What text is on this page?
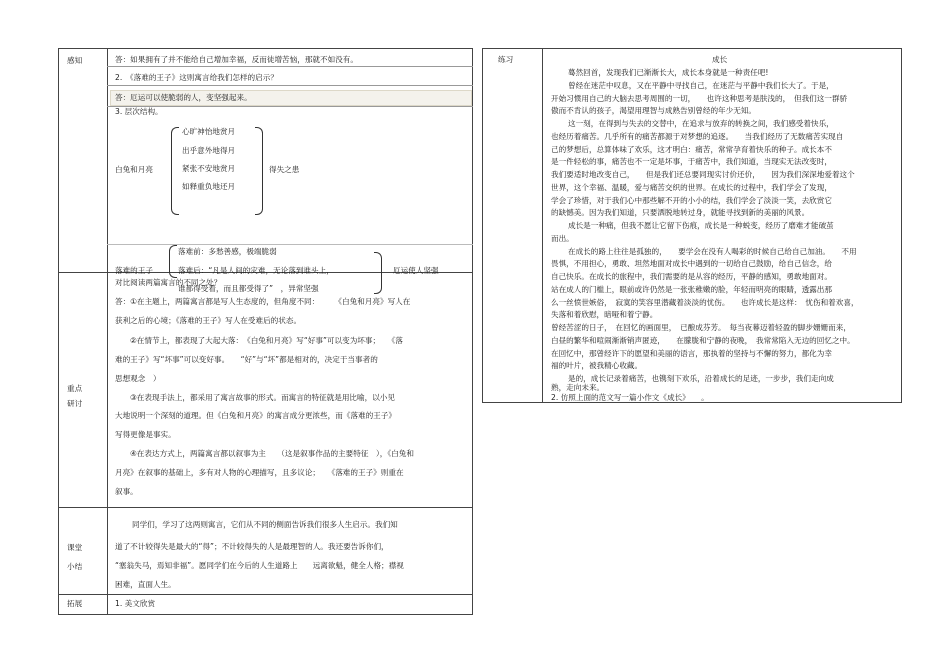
感知
重点
研讨
课堂
小结
拓展
答：如果拥有了并不能给自己增加幸福，反而徒增苦恼，那就不如没有。
2.　《落难的王子》这则寓言给我们怎样的启示？
答：厄运可以使脆弱的人，变坚强起来。
3. 层次结构。
白兔和月亮
心旷神怡地赏月
出乎意外地得月
紧张不安地赏月
如释重负地还月
得失之患
落难的王子
落难前：多愁善感，极端脆弱
落难后：“凡是人间的灾难，无论落到谁头上，
谁都得受着，而且都受得了”　，异常坚强
厄运使人坚强
对比阅读两篇寓言的不同之处？
答：①在主题上，两篇寓言都是写人生态度的，但角度不同：　　　《白兔和月亮》写人在
获利之后的心境；《落难的王子》写人在受难后的状态。
②在情节上，都表现了大起大落：　《白兔和月亮》写“好事”可以变为坏事；　　《落
难的王子》写“坏事”可以变好事。　　“好”与“坏”都是相对的，决定于当事者的
思想观念　）
③在表现手法上，都采用了寓言故事的形式。而寓言的特征就是用比喻，以小见
大地说明一个深刻的道理。但《白兔和月亮》的寓言成分更浓些，而《落难的王子》
写得更像是事实。
④在表达方式上，两篇寓言都以叙事为主　　（这是叙事作品的主要特征　），《白兔和
月亮》在叙事的基础上，多有对人物的心理描写，且多议论；　　《落难的王子》则重在
叙事。
同学们，学习了这两则寓言，它们从不同的侧面告诉我们很多人生启示。我们知
道了不计较得失是最大的“得”；不计较得失的人是最理智的人。我还要告诉你们，
“塞翁失马，焉知非福”。愿同学们在今后的人生道路上　　远离欲魁，健全人格；襟视
困难，直面人生。
1. 美文欣赏
练习	成长
蓦然回首，发现我们已渐渐长大，成长本身就是一种责任吧!
曾经在迷茫中叹息，又在平静中寻找自己，在迷茫与平静中我们长大了。于是，
开始习惯用自己的大脑去思考周围的一切，　　也许这种思考是肤浅的，　但我们这一群骄
傲而不肯认的孩子，渴望用理智与成熟告别曾经的年少无知。
这一刻，在得到与失去的交替中，在追求与放弃的转换之间，我们感受着快乐，
也经历着痛苦。几乎所有的痛苦都源于对梦想的追逐。　　当我们经历了无数痛苦实现自
己的梦想后，总算体味了欢乐，这才明白：痛苦，常常孕育着快乐的种子。成长本不
是一件轻松的事，痛苦也不一定是坏事，于痛苦中，我们知道，当现实无法改变时，
我们要适时地改变自己，　　但是我们还总要同现实讨价还价，　　因为我们深深地爱着这个
世界，这个幸福、温暖，爱与痛苦交织的世界。在成长的过程中，我们学会了发现，
学会了珍惜，对于我们心中那些解不开的小小的结，我们学会了淡淡一笑，去欣赏它
的缺憾美。因为我们知道，只要洒脱地转过身，就能寻找到新的美丽的风景。
成长是一种痛，但我不愿让它留下伤痕，成长是一种蜕变，经历了磨难才能破茧
而出。
在成长的路上往往是孤独的，　　要学会在没有人喝彩的时候自己给自己加油。　　不用
畏惧，不用担心，勇敢、坦然地面对成长中遇到的一切给自己鼓励，给自己信念，给
自己快乐。在成长的旅程中，我们需要的是从容的经历，平静的感知，勇敢地面对。
站在成人的门槛上，眼前或许仍然是一张张稚嫩的脸，年轻而明亮的眼睛，透露出那
么一丝愤世嫉俗，　寂寞的笑容里潜藏着淡淡的忧伤。　　也许成长是这样：　忧伤和着欢喜，
失落和着欣慰，暗哑和着宁静。
曾经苦涩的日子，　在回忆的画面里，　已酿成芬芳。　每当夜幕迈着轻盈的脚步姗姗而来，
白昼的繁华和喧闹渐渐销声匿迹，　　在朦胧和宁静的夜晚，　我常常陷入无边的回忆之中。
在回忆中，那曾经许下的愿望和美丽的语言，那执着的坚持与不懈的努力，都化为幸
福的叶片，被我精心收藏。
是的，成长记录着痛苦，也镌刻下欢乐，沿着成长的足迹，一步步，我们走向成
熟，走向未来。
2. 仿照上面的范文写一篇小作文《成长》　　。
